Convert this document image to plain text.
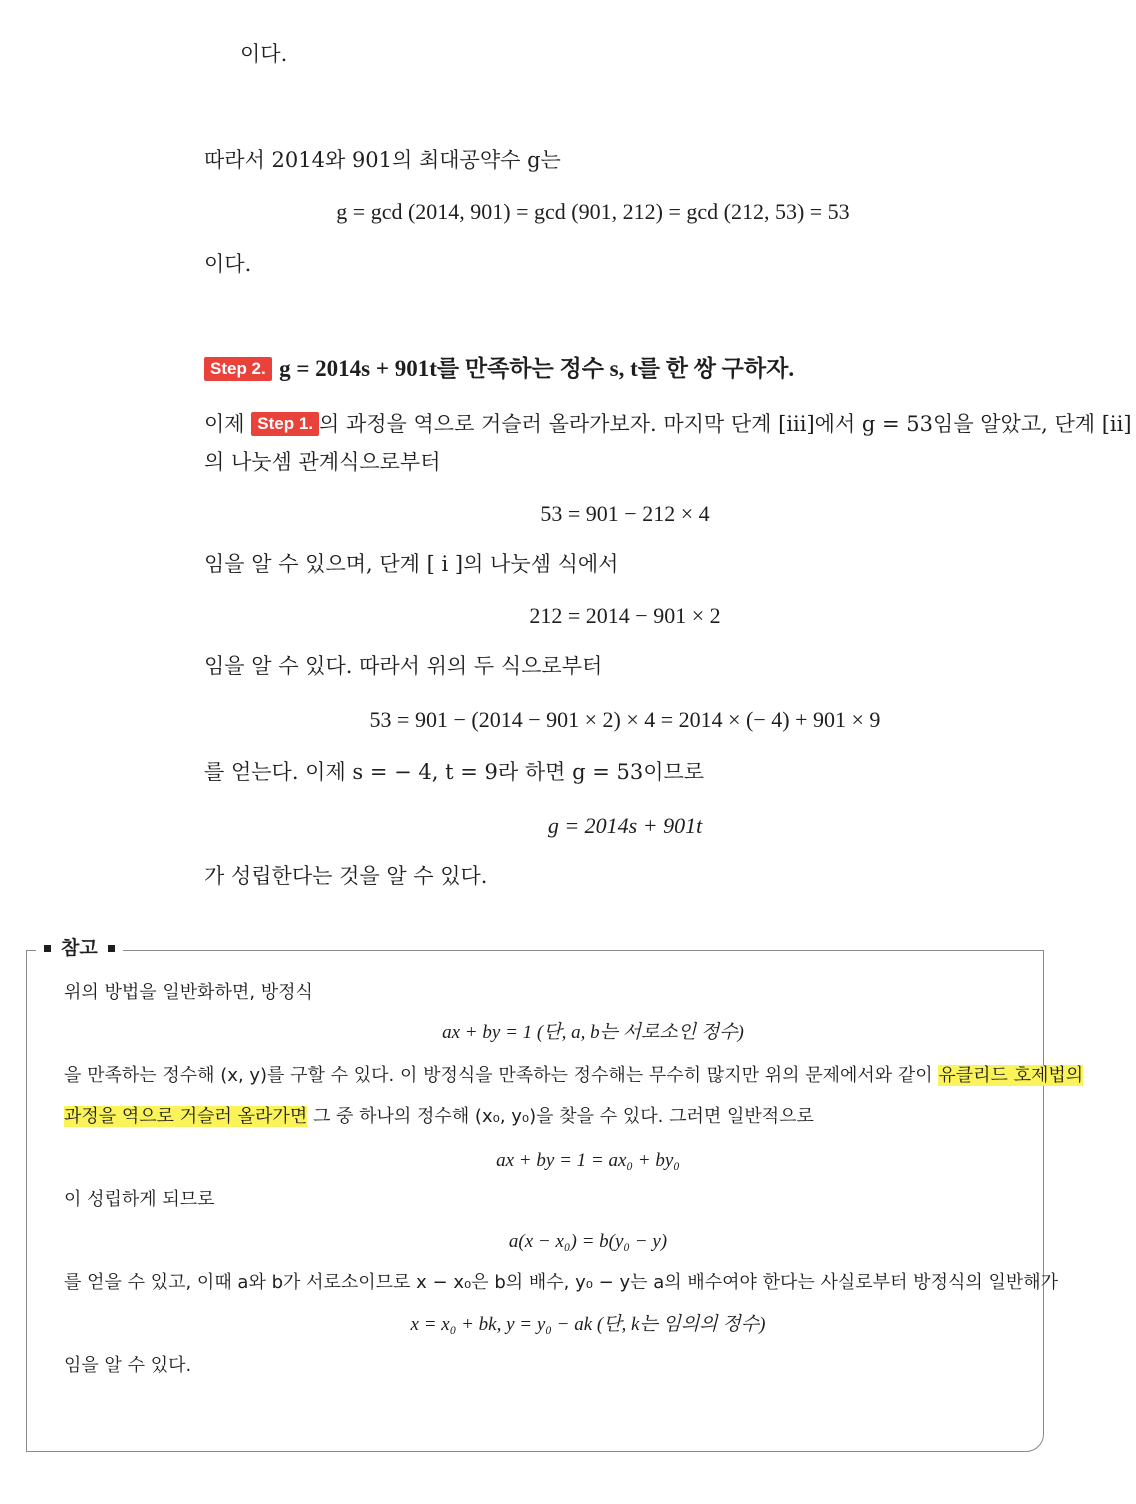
이다.
따라서 2014와 901의 최대공약수 g는
g = gcd (2014, 901) = gcd (901, 212) = gcd (212, 53) = 53
이다.
Step 2. g = 2014s + 901t를 만족하는 정수 s, t를 한 쌍 구하자.
이제 Step 1. 의 과정을 역으로 거슬러 올라가보자. 마지막 단계 [iii]에서 g = 53임을 알았고, 단계 [ii]
의 나눗셈 관계식으로부터
53 = 901 − 212 × 4
임을 알 수 있으며, 단계 [ i ]의 나눗셈 식에서
212 = 2014 − 901 × 2
임을 알 수 있다. 따라서 위의 두 식으로부터
53 = 901 − (2014 − 901 × 2) × 4 = 2014 × (− 4) + 901 × 9
를 얻는다. 이제 s = − 4, t = 9라 하면 g = 53이므로
g = 2014s + 901t
가 성립한다는 것을 알 수 있다.
참고
위의 방법을 일반화하면, 방정식
ax + by = 1 (단, a, b는 서로소인 정수)
을 만족하는 정수해 (x, y)를 구할 수 있다. 이 방정식을 만족하는 정수해는 무수히 많지만 위의 문제에서와 같이 유클리드 호제법의
과정을 역으로 거슬러 올라가면 그 중 하나의 정수해 (x₀, y₀)을 찾을 수 있다. 그러면 일반적으로
ax + by = 1 = ax₀ + by₀
이 성립하게 되므로
a(x − x₀) = b(y₀ − y)
를 얻을 수 있고, 이때 a와 b가 서로소이므로 x − x₀은 b의 배수, y₀ − y는 a의 배수여야 한다는 사실로부터 방정식의 일반해가
x = x₀ + bk, y = y₀ − ak (단, k는 임의의 정수)
임을 알 수 있다.
